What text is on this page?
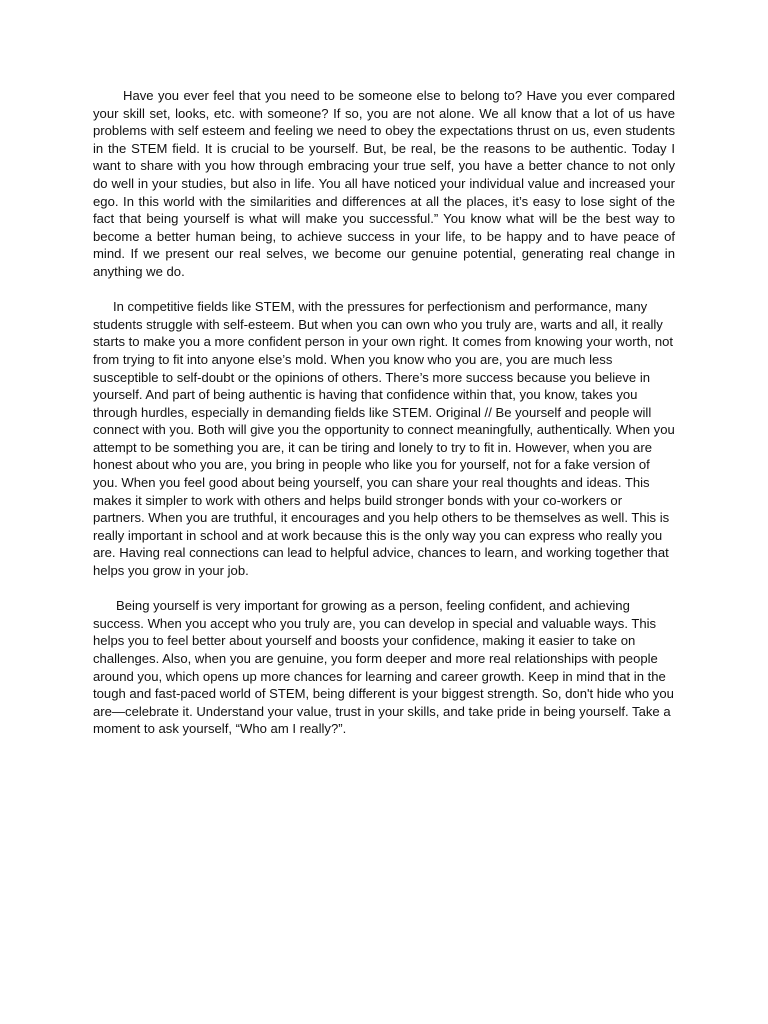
Have you ever feel that you need to be someone else to belong to? Have you ever compared your skill set, looks, etc. with someone? If so, you are not alone. We all know that a lot of us have problems with self esteem and feeling we need to obey the expectations thrust on us, even students in the STEM field. It is crucial to be yourself. But, be real, be the reasons to be authentic. Today I want to share with you how through embracing your true self, you have a better chance to not only do well in your studies, but also in life. You all have noticed your individual value and increased your ego. In this world with the similarities and differences at all the places, it’s easy to lose sight of the fact that being yourself is what will make you successful.” You know what will be the best way to become a better human being, to achieve success in your life, to be happy and to have peace of mind. If we present our real selves, we become our genuine potential, generating real change in anything we do.

In competitive fields like STEM, with the pressures for perfectionism and performance, many students struggle with self-esteem. But when you can own who you truly are, warts and all, it really starts to make you a more confident person in your own right. It comes from knowing your worth, not from trying to fit into anyone else’s mold. When you know who you are, you are much less susceptible to self-doubt or the opinions of others. There’s more success because you believe in yourself. And part of being authentic is having that confidence within that, you know, takes you through hurdles, especially in demanding fields like STEM. Original // Be yourself and people will connect with you. Both will give you the opportunity to connect meaningfully, authentically. When you attempt to be something you are, it can be tiring and lonely to try to fit in. However, when you are honest about who you are, you bring in people who like you for yourself, not for a fake version of you. When you feel good about being yourself, you can share your real thoughts and ideas. This makes it simpler to work with others and helps build stronger bonds with your co-workers or partners. When you are truthful, it encourages and you help others to be themselves as well. This is really important in school and at work because this is the only way you can express who really you are. Having real connections can lead to helpful advice, chances to learn, and working together that helps you grow in your job.

Being yourself is very important for growing as a person, feeling confident, and achieving success. When you accept who you truly are, you can develop in special and valuable ways. This helps you to feel better about yourself and boosts your confidence, making it easier to take on challenges. Also, when you are genuine, you form deeper and more real relationships with people around you, which opens up more chances for learning and career growth. Keep in mind that in the tough and fast-paced world of STEM, being different is your biggest strength. So, don't hide who you are—celebrate it. Understand your value, trust in your skills, and take pride in being yourself. Take a moment to ask yourself, “Who am I really?”.
